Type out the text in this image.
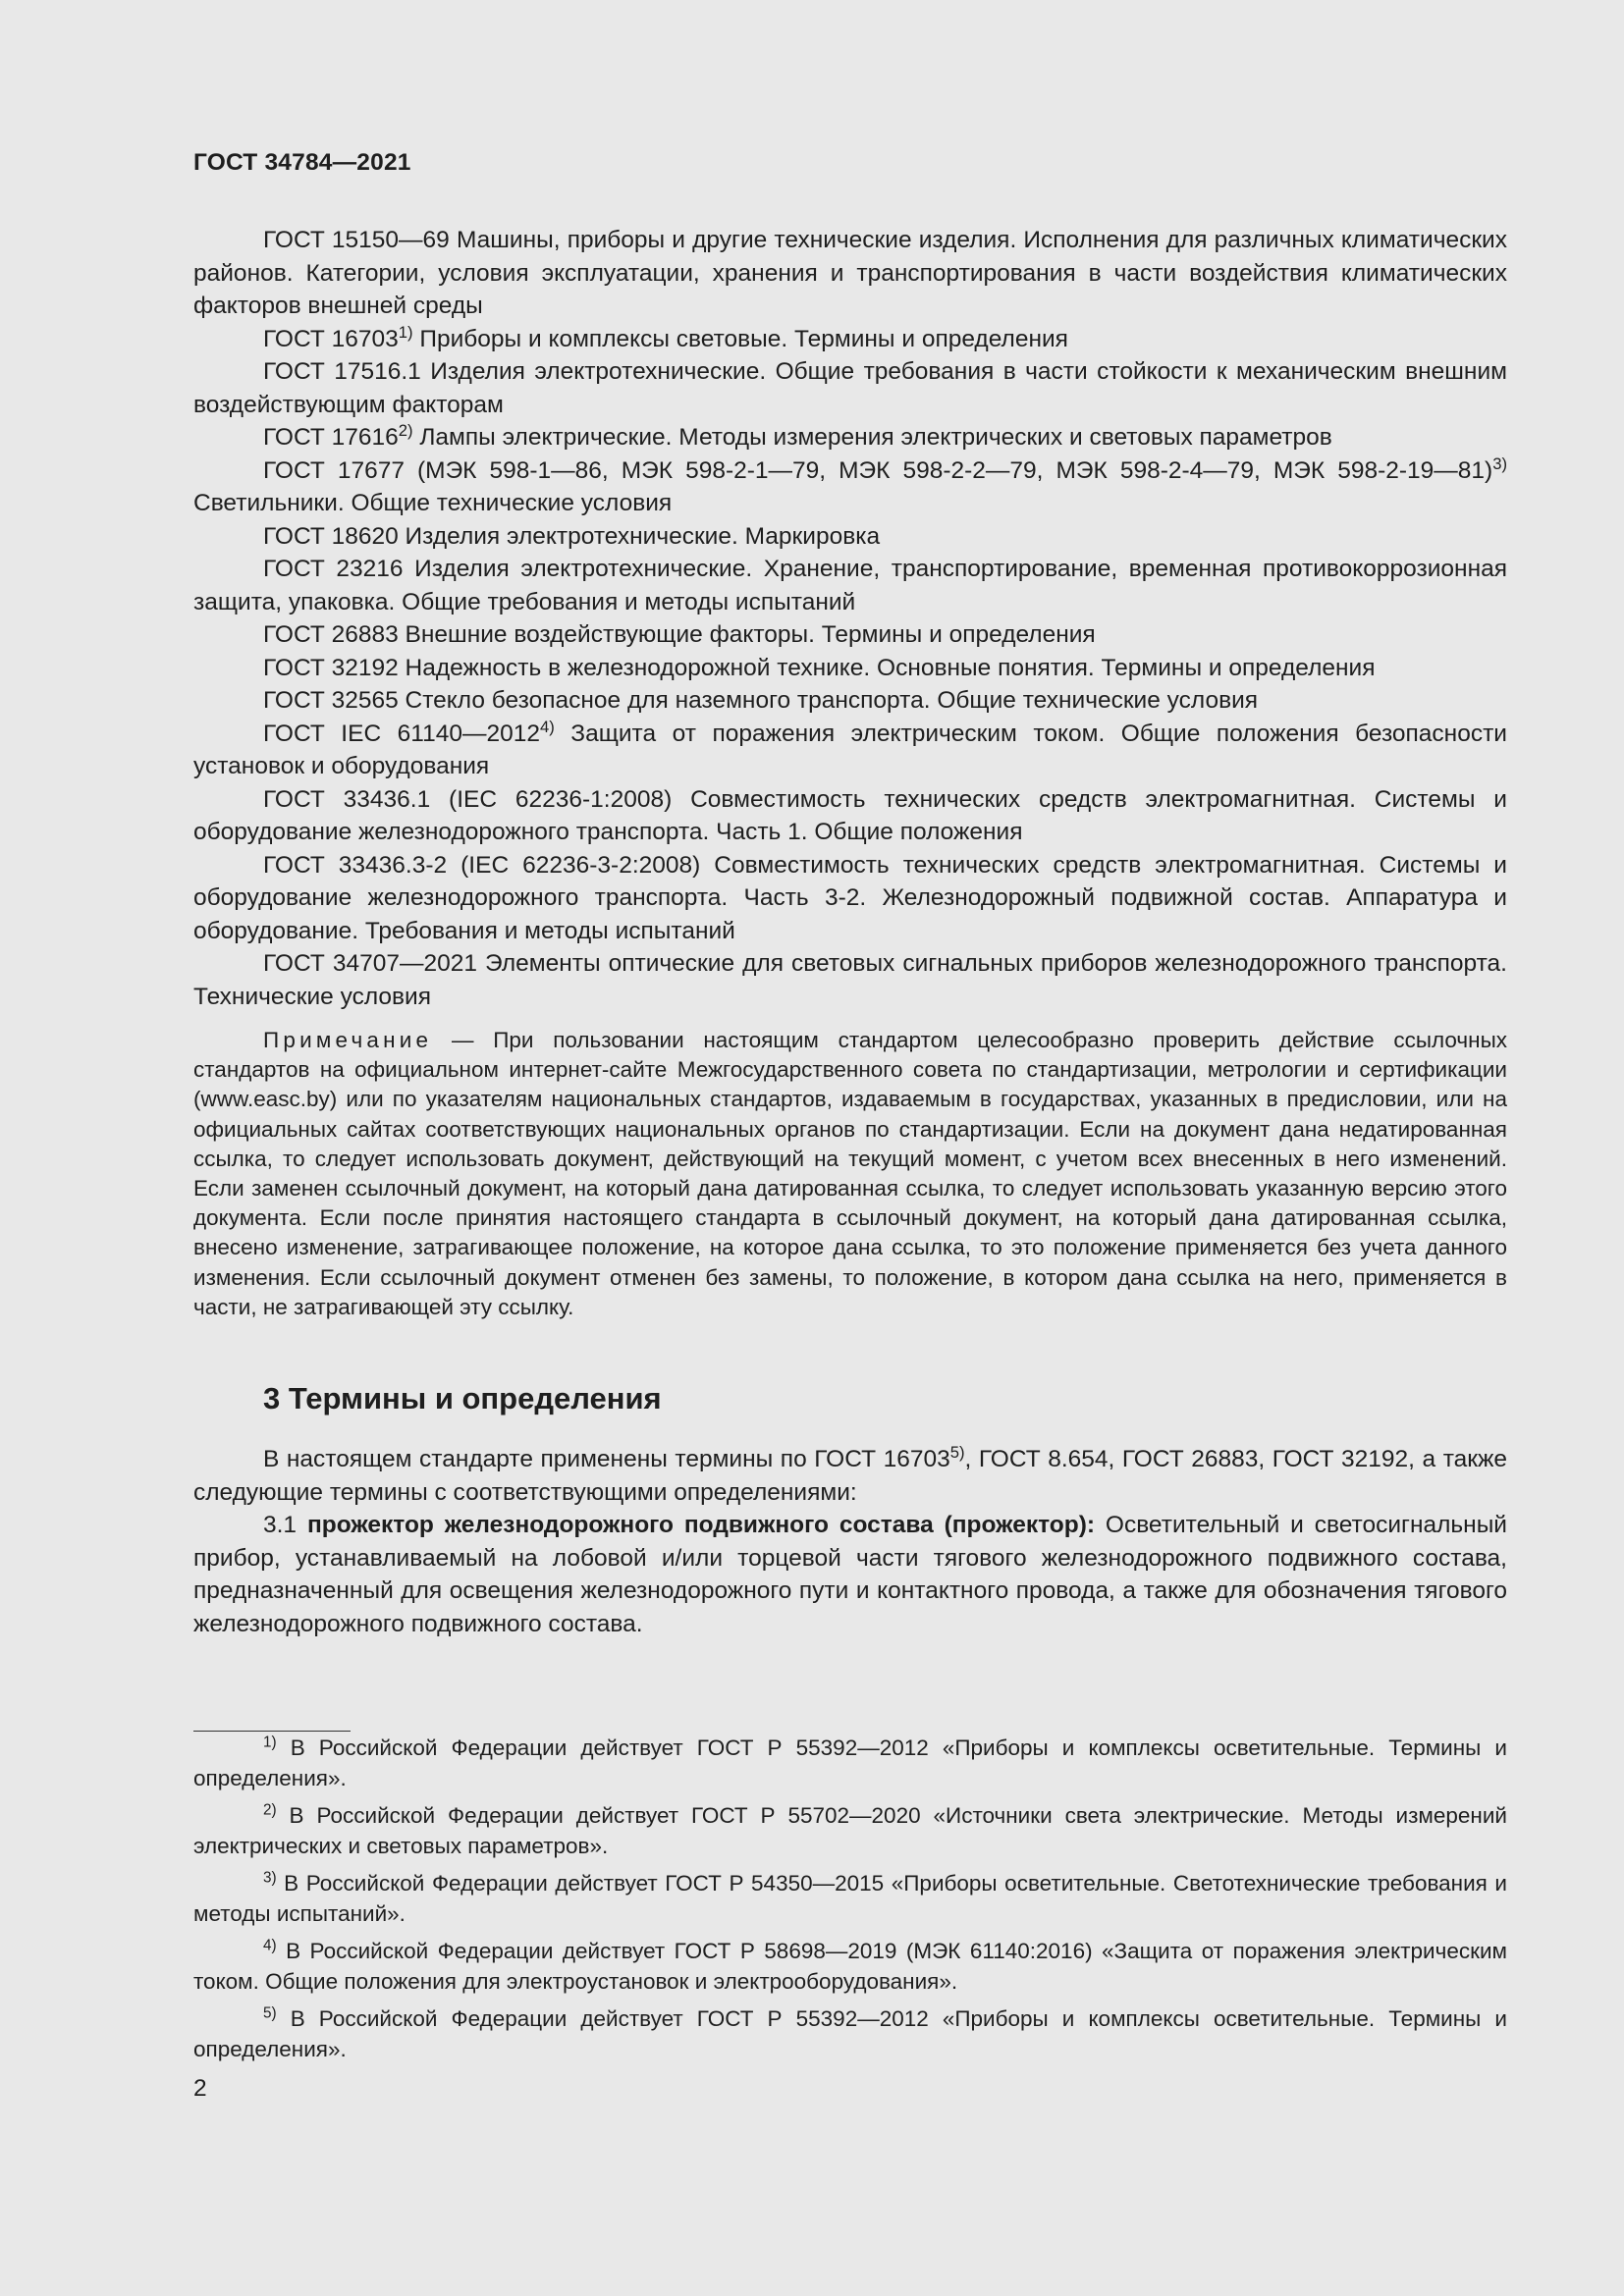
ГОСТ 34784—2021

ГОСТ 15150—69 Машины, приборы и другие технические изделия. Исполнения для различных климатических районов. Категории, условия эксплуатации, хранения и транспортирования в части воздействия климатических факторов внешней среды

ГОСТ 16703$^{1)}$ Приборы и комплексы световые. Термины и определения

ГОСТ 17516.1 Изделия электротехнические. Общие требования в части стойкости к механическим внешним воздействующим факторам

ГОСТ 17616$^{2)}$ Лампы электрические. Методы измерения электрических и световых параметров

ГОСТ 17677 (МЭК 598-1—86, МЭК 598-2-1—79, МЭК 598-2-2—79, МЭК 598-2-4—79, МЭК 598-2-19—81)$^{3)}$ Светильники. Общие технические условия

ГОСТ 18620 Изделия электротехнические. Маркировка

ГОСТ 23216 Изделия электротехнические. Хранение, транспортирование, временная противокоррозионная защита, упаковка. Общие требования и методы испытаний

ГОСТ 26883 Внешние воздействующие факторы. Термины и определения

ГОСТ 32192 Надежность в железнодорожной технике. Основные понятия. Термины и определения

ГОСТ 32565 Стекло безопасное для наземного транспорта. Общие технические условия

ГОСТ IEC 61140—2012$^{4)}$ Защита от поражения электрическим током. Общие положения безопасности установок и оборудования

ГОСТ 33436.1 (IEC 62236-1:2008) Совместимость технических средств электромагнитная. Системы и оборудование железнодорожного транспорта. Часть 1. Общие положения

ГОСТ 33436.3-2 (IEC 62236-3-2:2008) Совместимость технических средств электромагнитная. Системы и оборудование железнодорожного транспорта. Часть 3-2. Железнодорожный подвижной состав. Аппаратура и оборудование. Требования и методы испытаний

ГОСТ 34707—2021 Элементы оптические для световых сигнальных приборов железнодорожного транспорта. Технические условия

Примечание — При пользовании настоящим стандартом целесообразно проверить действие ссылочных стандартов на официальном интернет-сайте Межгосударственного совета по стандартизации, метрологии и сертификации (www.easc.by) или по указателям национальных стандартов, издаваемым в государствах, указанных в предисловии, или на официальных сайтах соответствующих национальных органов по стандартизации. Если на документ дана недатированная ссылка, то следует использовать документ, действующий на текущий момент, с учетом всех внесенных в него изменений. Если заменен ссылочный документ, на который дана датированная ссылка, то следует использовать указанную версию этого документа. Если после принятия настоящего стандарта в ссылочный документ, на который дана датированная ссылка, внесено изменение, затрагивающее положение, на которое дана ссылка, то это положение применяется без учета данного изменения. Если ссылочный документ отменен без замены, то положение, в котором дана ссылка на него, применяется в части, не затрагивающей эту ссылку.
3 Термины и определения

В настоящем стандарте применены термины по ГОСТ 16703$^{5)}$, ГОСТ 8.654, ГОСТ 26883, ГОСТ 32192, а также следующие термины с соответствующими определениями:

3.1 прожектор железнодорожного подвижного состава (прожектор): Осветительный и светосигнальный прибор, устанавливаемый на лобовой и/или торцевой части тягового железнодорожного подвижного состава, предназначенный для освещения железнодорожного пути и контактного провода, а также для обозначения тягового железнодорожного подвижного состава.

$^{1)}$ В Российской Федерации действует ГОСТ Р 55392—2012 «Приборы и комплексы осветительные. Термины и определения».

$^{2)}$ В Российской Федерации действует ГОСТ Р 55702—2020 «Источники света электрические. Методы измерений электрических и световых параметров».

$^{3)}$ В Российской Федерации действует ГОСТ Р 54350—2015 «Приборы осветительные. Светотехнические требования и методы испытаний».

$^{4)}$ В Российской Федерации действует ГОСТ Р 58698—2019 (МЭК 61140:2016) «Защита от поражения электрическим током. Общие положения для электроустановок и электрооборудования».

$^{5)}$ В Российской Федерации действует ГОСТ Р 55392—2012 «Приборы и комплексы осветительные. Термины и определения».

2
